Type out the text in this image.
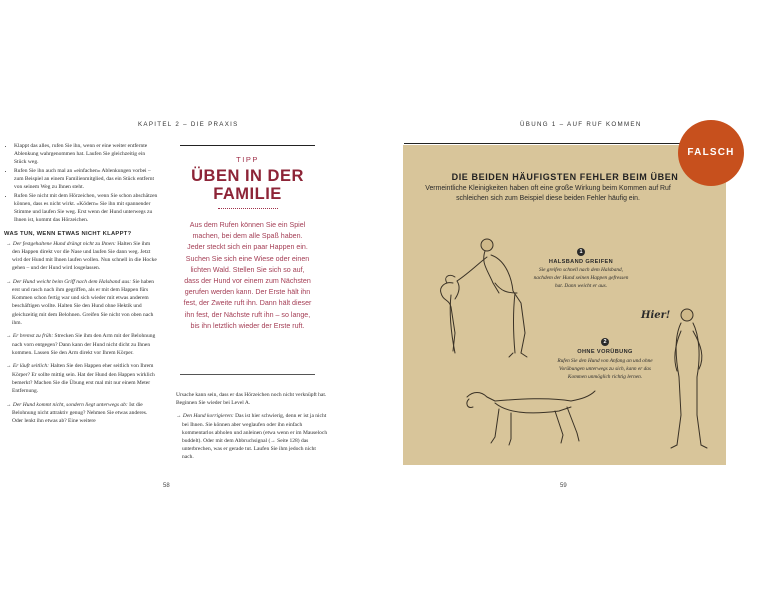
KAPITEL 2 – DIE PRAXIS	ÜBUNG 1 – AUF RUF KOMMEN
• Klappt das alles, rufen Sie ihn, wenn er eine weiter entfernte Ablenkung wahrgenommen hat. Laufen Sie gleichzeitig ein Stück weg.
• Rufen Sie ihn auch mal an »einfachen« Ablenkungen vorbei – zum Beispiel an einem Familienmitglied, das ein Stück entfernt von seinem Weg zu Ihnen steht.
• Rufen Sie nicht mit dem Hörzeichen, wenn Sie schon abschätzen können, dass es nicht wirkt. »Ködern« Sie ihn mit spannender Stimme und laufen Sie weg. Erst wenn der Hund unterwegs zu Ihnen ist, kommt das Hörzeichen.
WAS TUN, WENN ETWAS NICHT KLAPPT?

→ Der festgehaltene Hund drängt nicht zu Ihnen: Halten Sie ihm den Happen direkt vor die Nase und laufen Sie dann weg. Jetzt wird der Hund mit Ihnen laufen wollen. Nun schnell in die Hocke gehen – und der Hund wird losgelassen.

→ Der Hund weicht beim Griff nach dem Halsband aus: Sie haben erst und rasch nach ihm gegriffen, als er mit dem Happen fürs Kommen schon fertig war und sich wieder mit etwas anderem beschäftigen wollte. Halten Sie den Hund ohne Hektik und gleichzeitig mit dem Belohnen. Greifen Sie nicht von oben nach ihm.

→ Er bremst zu früh: Strecken Sie ihm den Arm mit der Belohnung nach vorn entgegen? Dann kann der Hund nicht dicht zu Ihnen kommen. Lassen Sie den Arm direkt vor Ihrem Körper.

→ Er läuft seitlich: Halten Sie den Happen eher seitlich von Ihrem Körper? Er sollte mittig sein. Hat der Hund den Happen wirklich bemerkt? Machen Sie die Übung erst mal mit nur einem Meter Entfernung.

→ Der Hund kommt nicht, sondern liegt unterwegs ab: Ist die Belohnung nicht attraktiv genug? Nehmen Sie etwas anderes. Oder lenkt ihn etwas ab? Eine weitere

TIPP
ÜBEN IN DER FAMILIE
Aus dem Rufen können Sie ein Spiel machen, bei dem alle Spaß haben. Jeder steckt sich ein paar Happen ein. Suchen Sie sich eine Wiese oder einen lichten Wald. Stellen Sie sich so auf, dass der Hund vor einem zum Nächsten gerufen werden kann. Der Erste hält ihn fest, der Zweite ruft ihn. Dann hält dieser ihn fest, der Nächste ruft ihn – so lange, bis ihn letztlich wieder der Erste ruft.

Ursache kann sein, dass er das Hörzeichen noch nicht verknüpft hat. Beginnen Sie wieder bei Level A.

→ Den Hund korrigieren: Das ist hier schwierig, denn er ist ja nicht bei Ihnen. Sie können aber weglaufen oder ihn einfach kommentarlos abholen und anleinen (etwa wenn er im Mauseloch buddelt). Oder mit dem Abbruchsignal (→ Seite 128) das unterbrechen, was er gerade tut. Laufen Sie ihm jedoch nicht nach.

58	59
DIE BEIDEN HÄUFIGSTEN FEHLER BEIM ÜBEN
Vermeintliche Kleinigkeiten haben oft eine große Wirkung beim Kommen auf Ruf schleichen sich zum Beispiel diese beiden Fehler häufig ein.
1
HALSBAND GREIFEN
Sie greifen schnell nach dem Halsband, nachdem der Hund seinen Happen gefressen hat. Dann weicht er aus.
Hier!
2
OHNE VORÜBUNG
Rufen Sie den Hund von Anfang an und ohne Vorübungen unterwegs zu sich, kann er das Kommen unmöglich richtig lernen.
FALSCH
